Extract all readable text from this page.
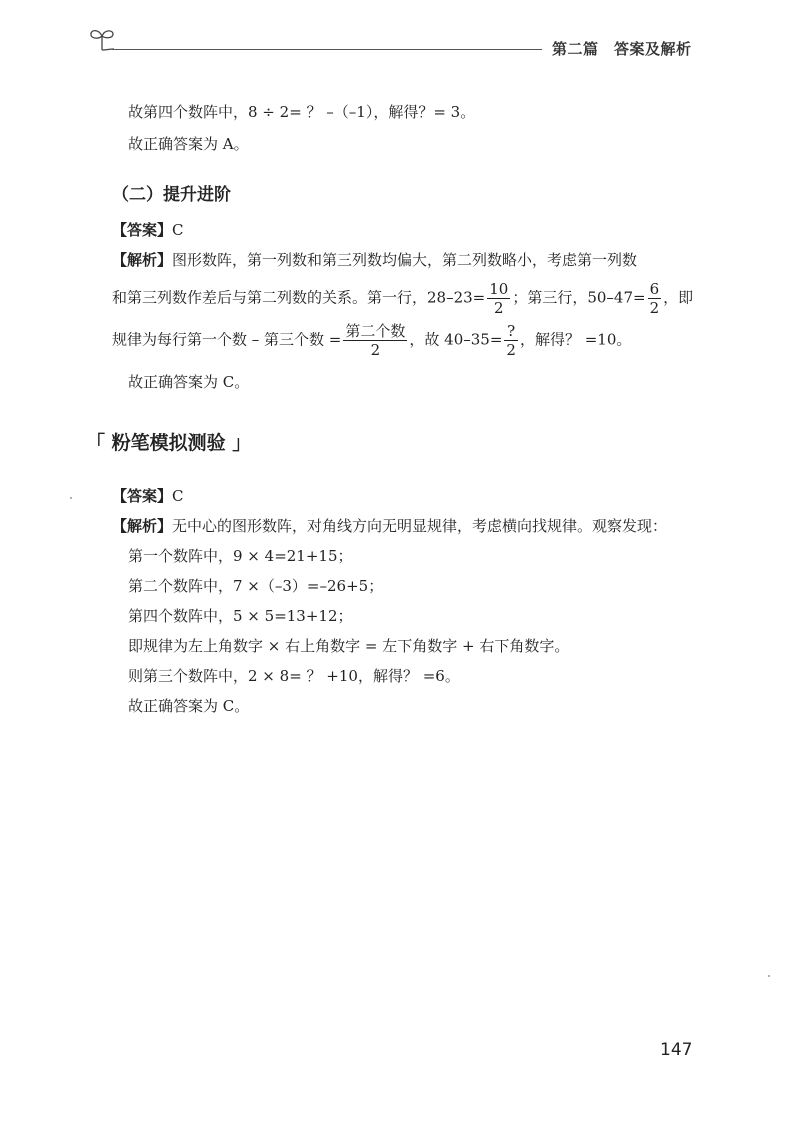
第二篇　答案及解析
故第四个数阵中，8 ÷ 2= ？ –（–1），解得？= 3。
故正确答案为 A。
（二）提升进阶
【答案】C
【解析】图形数阵，第一列数和第三列数均偏大，第二列数略小，考虑第一列数
和第三列数作差后与第二列数的关系。第一行，$28-23= \frac{10}{2}$ ；第三行，$50-47= \frac{6}{2}$ ，即
规律为每行第一个数 – 第三个数 = $\frac{\text{第二个数}}{2}$ ，故 $40-35= \frac{?}{2}$ ，解得？ =10。
故正确答案为 C。
「 粉笔模拟测验 」
【答案】C
【解析】无中心的图形数阵，对角线方向无明显规律，考虑横向找规律。观察发现：
第一个数阵中，9 × 4=21+15；
第二个数阵中，7 ×（–3）=–26+5；
第四个数阵中，5 × 5=13+12；
即规律为左上角数字 × 右上角数字 = 左下角数字 + 右下角数字。
则第三个数阵中，2 × 8= ？ +10，解得？ =6。
故正确答案为 C。
147
